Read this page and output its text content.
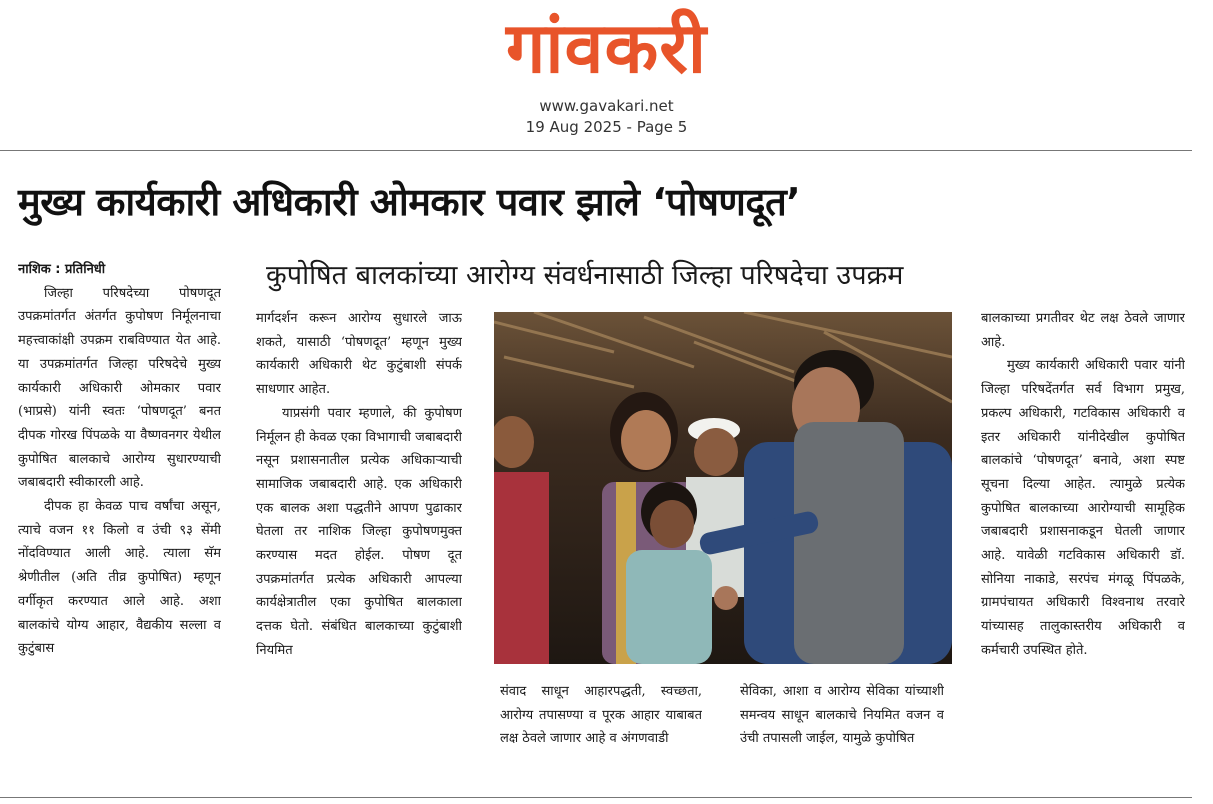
गांवकरी
www.gavakari.net
19 Aug 2025 - Page 5
मुख्य कार्यकारी अधिकारी ओमकार पवार झाले ‘पोषणदूत’
कुपोषित बालकांच्या आरोग्य संवर्धनासाठी जिल्हा परिषदेचा उपक्रम

नाशिक : प्रतिनिधी

जिल्हा परिषदेच्या पोषणदूत उपक्रमांतर्गत अंतर्गत कुपोषण निर्मूलनाचा महत्त्वाकांक्षी उपक्रम राबविण्यात येत आहे. या उपक्रमांतर्गत जिल्हा परिषदेचे मुख्य कार्यकारी अधिकारी ओमकार पवार (भाप्रसे) यांनी स्वतः ‘पोषणदूत’ बनत दीपक गोरख पिंपळके या वैष्णवनगर येथील कुपोषित बालकाचे आरोग्य सुधारण्याची जबाबदारी स्वीकारली आहे.

दीपक हा केवळ पाच वर्षांचा असून, त्याचे वजन ११ किलो व उंची ९३ सेंमी नोंदविण्यात आली आहे. त्याला सॅम श्रेणीतील (अति तीव्र कुपोषित) म्हणून वर्गीकृत करण्यात आले आहे. अशा बालकांचे योग्य आहार, वैद्यकीय सल्ला व कुटुंबास

मार्गदर्शन करून आरोग्य सुधारले जाऊ शकते, यासाठी ‘पोषणदूत’ म्हणून मुख्य कार्यकारी अधिकारी थेट कुटुंबाशी संपर्क साधणार आहेत.

याप्रसंगी पवार म्हणाले, की कुपोषण निर्मूलन ही केवळ एका विभागाची जबाबदारी नसून प्रशासनातील प्रत्येक अधिकाऱ्याची सामाजिक जबाबदारी आहे. एक अधिकारी एक बालक अशा पद्धतीने आपण पुढाकार घेतला तर नाशिक जिल्हा कुपोषणमुक्त करण्यास मदत होईल. पोषण दूत उपक्रमांतर्गत प्रत्येक अधिकारी आपल्या कार्यक्षेत्रातील एका कुपोषित बालकाला दत्तक घेतो. संबंधित बालकाच्या कुटुंबाशी नियमित

संवाद साधून आहारपद्धती, स्वच्छता, आरोग्य तपासण्या व पूरक आहार याबाबत लक्ष ठेवले जाणार आहे व अंगणवाडी

सेविका, आशा व आरोग्य सेविका यांच्याशी समन्वय साधून बालकाचे नियमित वजन व उंची तपासली जाईल, यामुळे कुपोषित

बालकाच्या प्रगतीवर थेट लक्ष ठेवले जाणार आहे.

मुख्य कार्यकारी अधिकारी पवार यांनी जिल्हा परिषदेंतर्गत सर्व विभाग प्रमुख, प्रकल्प अधिकारी, गटविकास अधिकारी व इतर अधिकारी यांनीदेखील कुपोषित बालकांचे ‘पोषणदूत’ बनावे, अशा स्पष्ट सूचना दिल्या आहेत. त्यामुळे प्रत्येक कुपोषित बालकाच्या आरोग्याची सामूहिक जबाबदारी प्रशासनाकडून घेतली जाणार आहे. यावेळी गटविकास अधिकारी डॉ. सोनिया नाकाडे, सरपंच मंगळू पिंपळके, ग्रामपंचायत अधिकारी विश्वनाथ तरवारे यांच्यासह तालुकास्तरीय अधिकारी व कर्मचारी उपस्थित होते.
